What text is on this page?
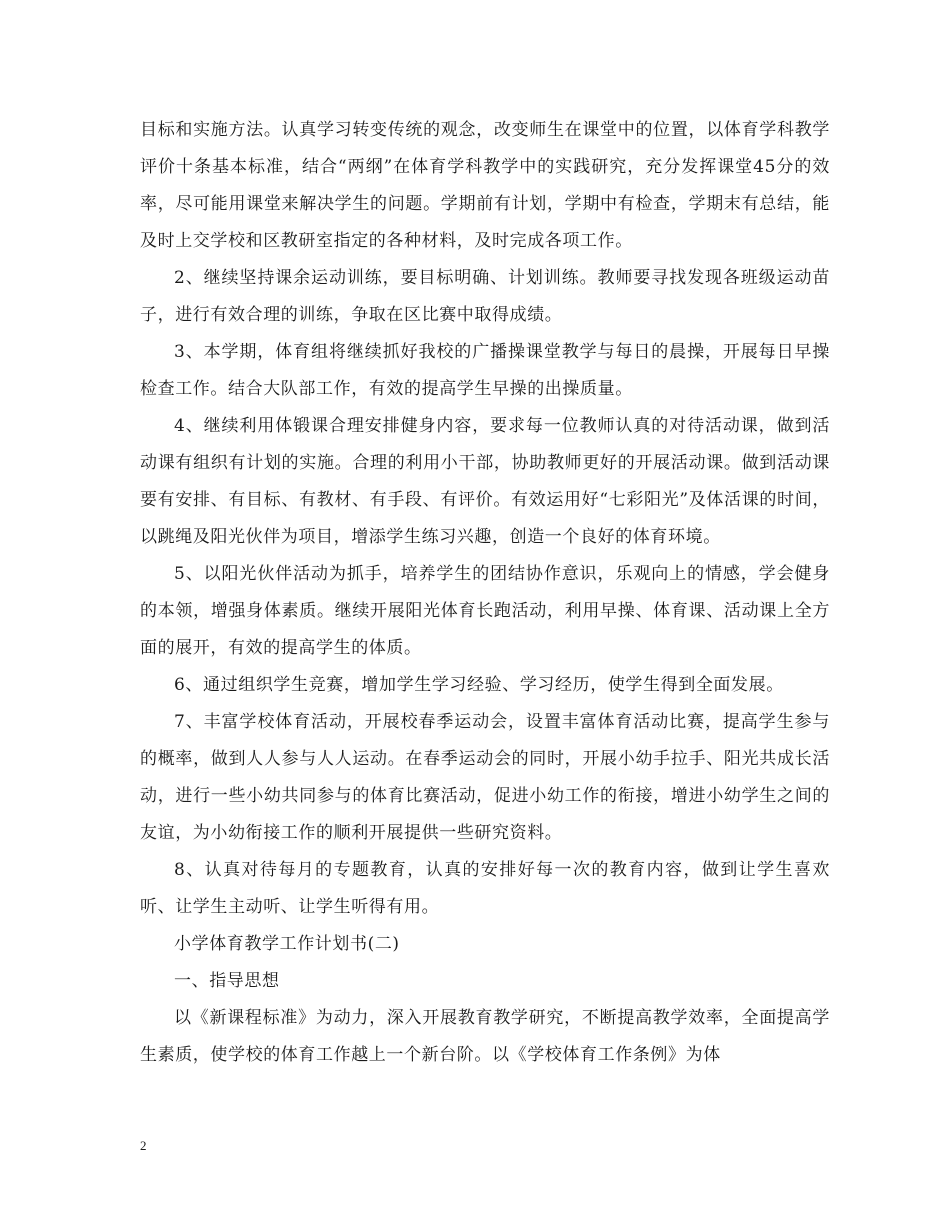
目标和实施方法。认真学习转变传统的观念，改变师生在课堂中的位置，以体育学科教学评价十条基本标准，结合“两纲”在体育学科教学中的实践研究，充分发挥课堂45分的效率，尽可能用课堂来解决学生的问题。学期前有计划，学期中有检查，学期末有总结，能及时上交学校和区教研室指定的各种材料，及时完成各项工作。

2、继续坚持课余运动训练，要目标明确、计划训练。教师要寻找发现各班级运动苗子，进行有效合理的训练，争取在区比赛中取得成绩。

3、本学期，体育组将继续抓好我校的广播操课堂教学与每日的晨操，开展每日早操检查工作。结合大队部工作，有效的提高学生早操的出操质量。

4、继续利用体锻课合理安排健身内容，要求每一位教师认真的对待活动课，做到活动课有组织有计划的实施。合理的利用小干部，协助教师更好的开展活动课。做到活动课要有安排、有目标、有教材、有手段、有评价。有效运用好“七彩阳光”及体活课的时间，以跳绳及阳光伙伴为项目，增添学生练习兴趣，创造一个良好的体育环境。

5、以阳光伙伴活动为抓手，培养学生的团结协作意识，乐观向上的情感，学会健身的本领，增强身体素质。继续开展阳光体育长跑活动，利用早操、体育课、活动课上全方面的展开，有效的提高学生的体质。

6、通过组织学生竞赛，增加学生学习经验、学习经历，使学生得到全面发展。

7、丰富学校体育活动，开展校春季运动会，设置丰富体育活动比赛，提高学生参与的概率，做到人人参与人人运动。在春季运动会的同时，开展小幼手拉手、阳光共成长活动，进行一些小幼共同参与的体育比赛活动，促进小幼工作的衔接，增进小幼学生之间的友谊，为小幼衔接工作的顺利开展提供一些研究资料。

8、认真对待每月的专题教育，认真的安排好每一次的教育内容，做到让学生喜欢听、让学生主动听、让学生听得有用。

小学体育教学工作计划书(二)

一、指导思想

以《新课程标准》为动力，深入开展教育教学研究，不断提高教学效率，全面提高学生素质，使学校的体育工作越上一个新台阶。以《学校体育工作条例》为体

2
